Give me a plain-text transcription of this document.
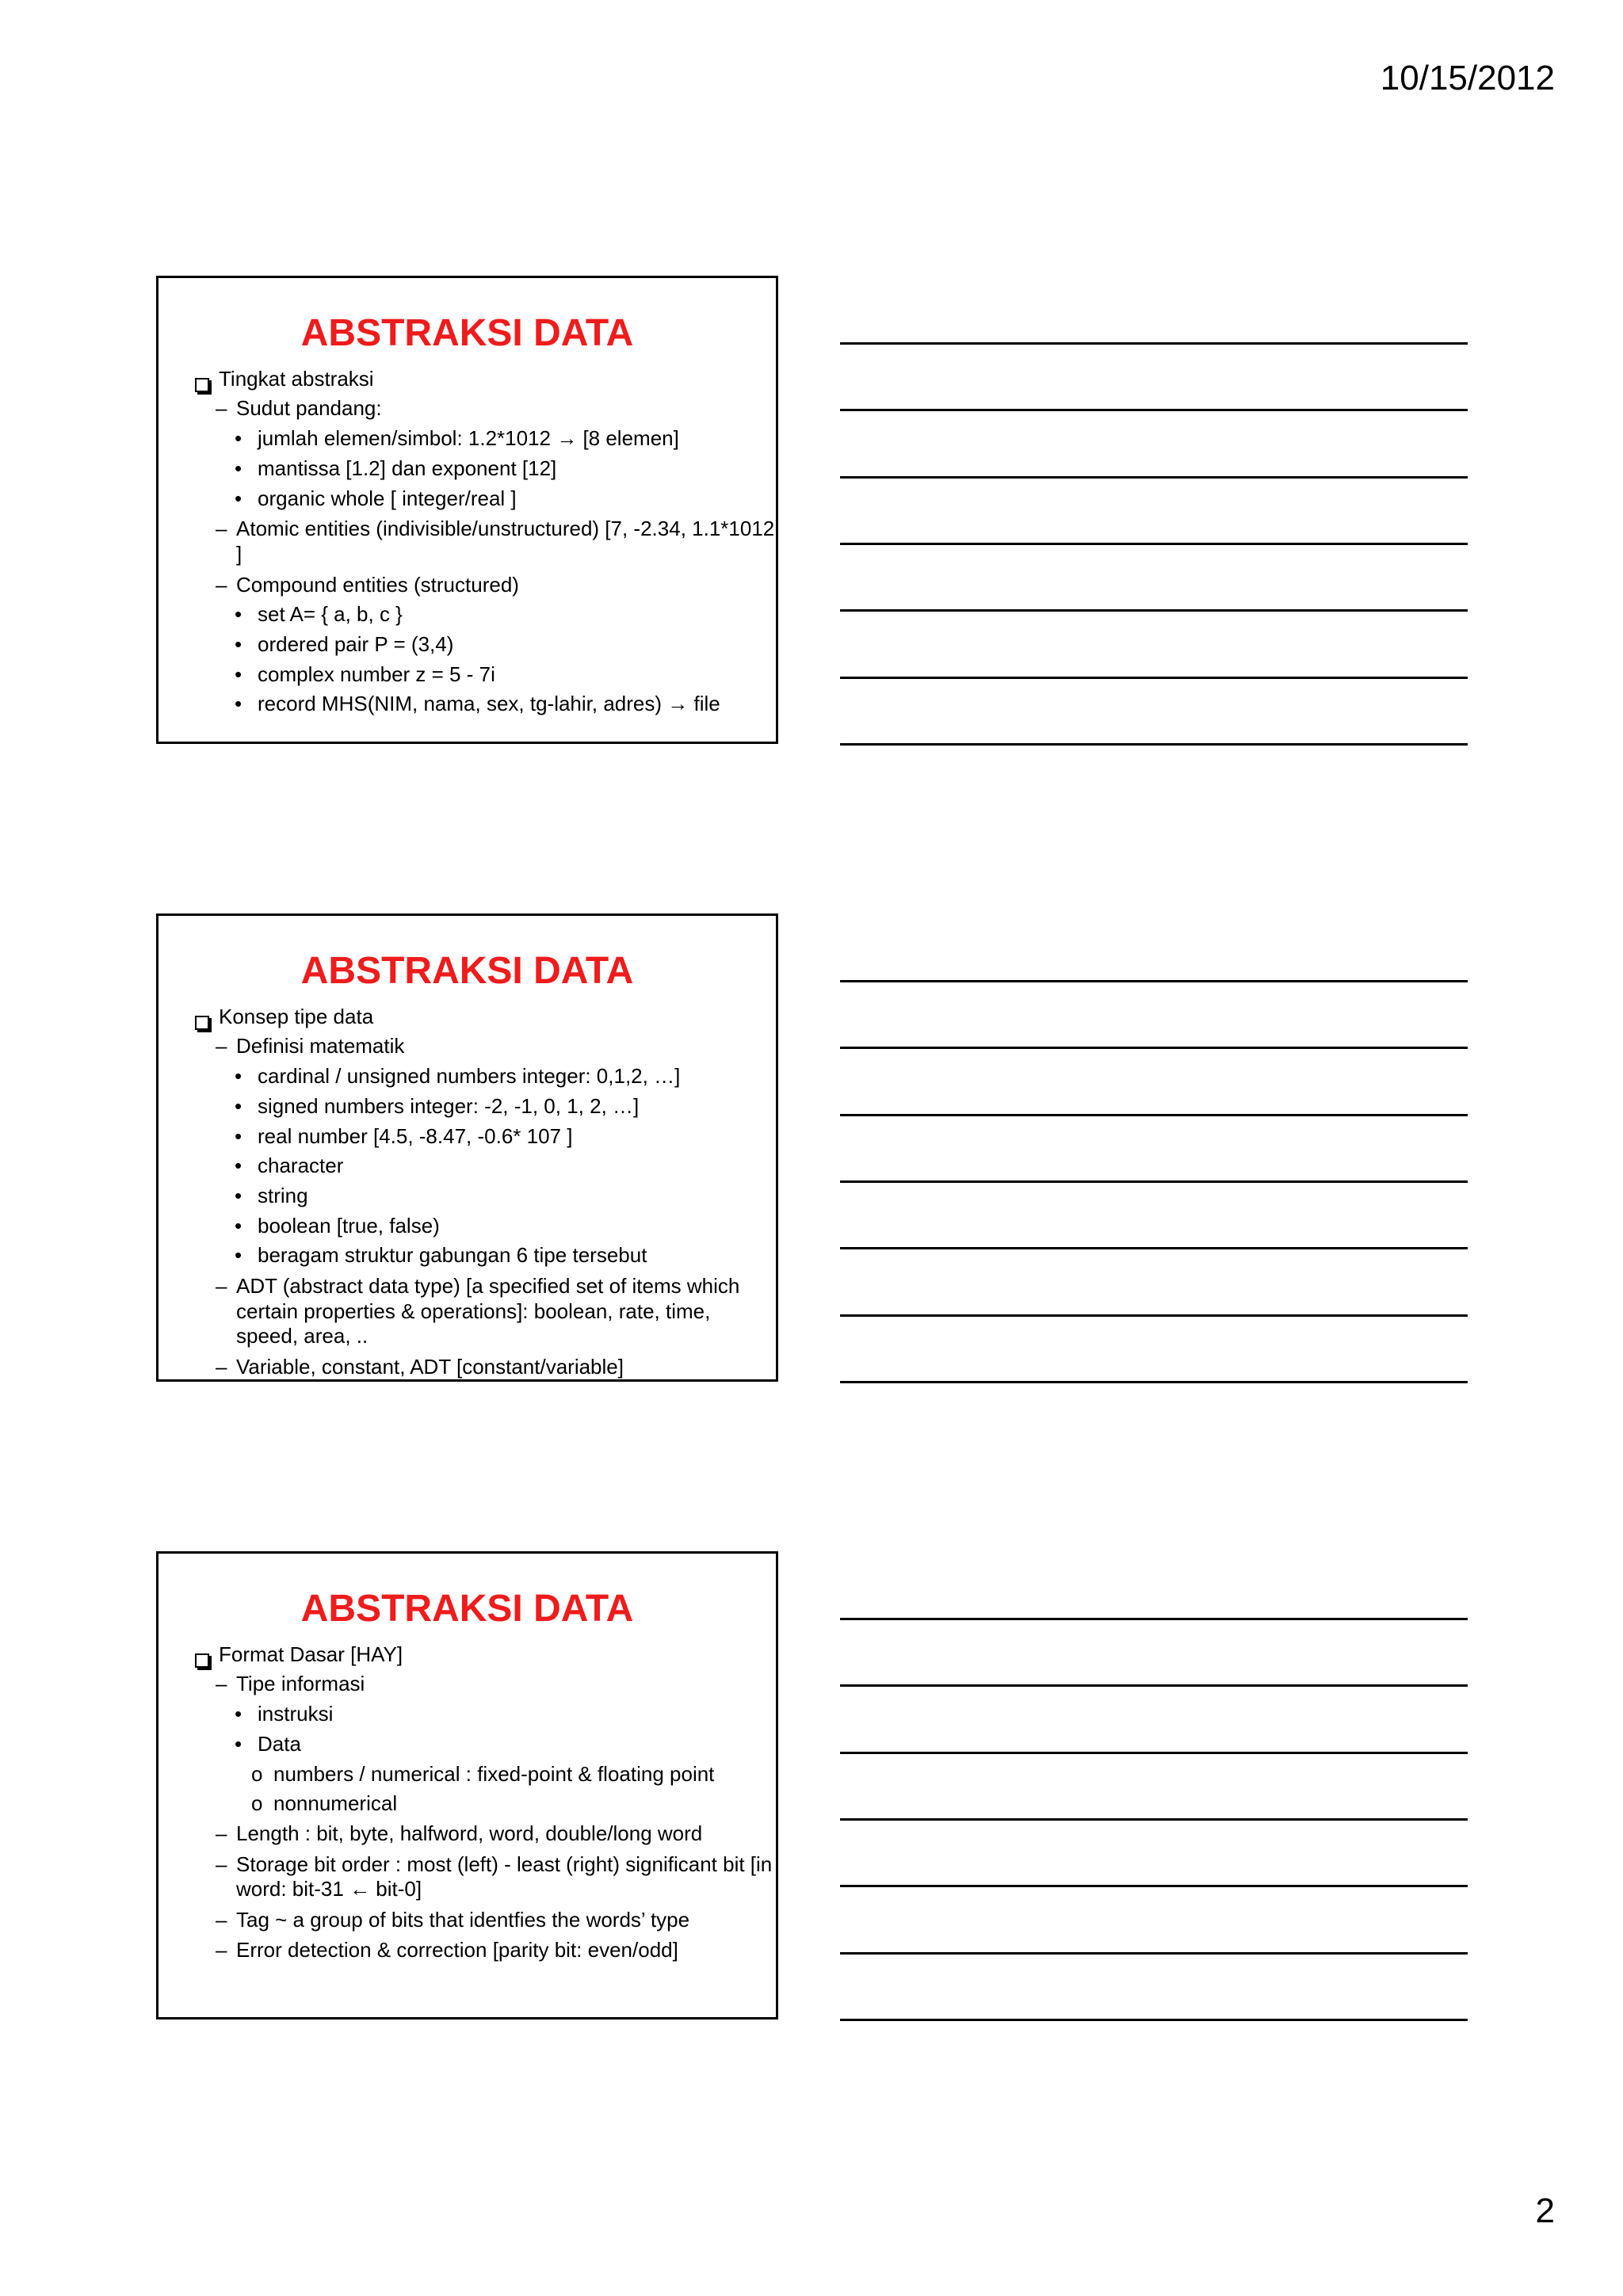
10/15/2012
ABSTRAKSI DATA
Tingkat abstraksi
– Sudut pandang:
• jumlah elemen/simbol: 1.2*1012 → [8 elemen]
• mantissa [1.2] dan exponent [12]
• organic whole [ integer/real ]
– Atomic entities (indivisible/unstructured) [7, -2.34, 1.1*1012 ]
– Compound entities (structured)
• set A= { a, b, c }
• ordered pair P = (3,4)
• complex number z = 5 - 7i
• record MHS(NIM, nama, sex, tg-lahir, adres) → file
ABSTRAKSI DATA
Konsep tipe data
– Definisi matematik
• cardinal / unsigned numbers integer: 0,1,2, …]
• signed numbers integer: -2, -1, 0, 1, 2, …]
• real number [4.5, -8.47, -0.6* 107 ]
• character
• string
• boolean [true, false)
• beragam struktur gabungan 6 tipe tersebut
– ADT (abstract data type) [a specified set of items which certain properties & operations]: boolean, rate, time, speed, area, ..
– Variable, constant, ADT [constant/variable]
ABSTRAKSI DATA
Format Dasar [HAY]
– Tipe informasi
• instruksi
• Data
o numbers / numerical : fixed-point & floating point
o nonnumerical
– Length : bit, byte, halfword, word, double/long word
– Storage bit order : most (left) - least (right) significant bit [in word: bit-31 ← bit-0]
– Tag ~ a group of bits that identfies the words’ type
– Error detection & correction [parity bit: even/odd]
2
